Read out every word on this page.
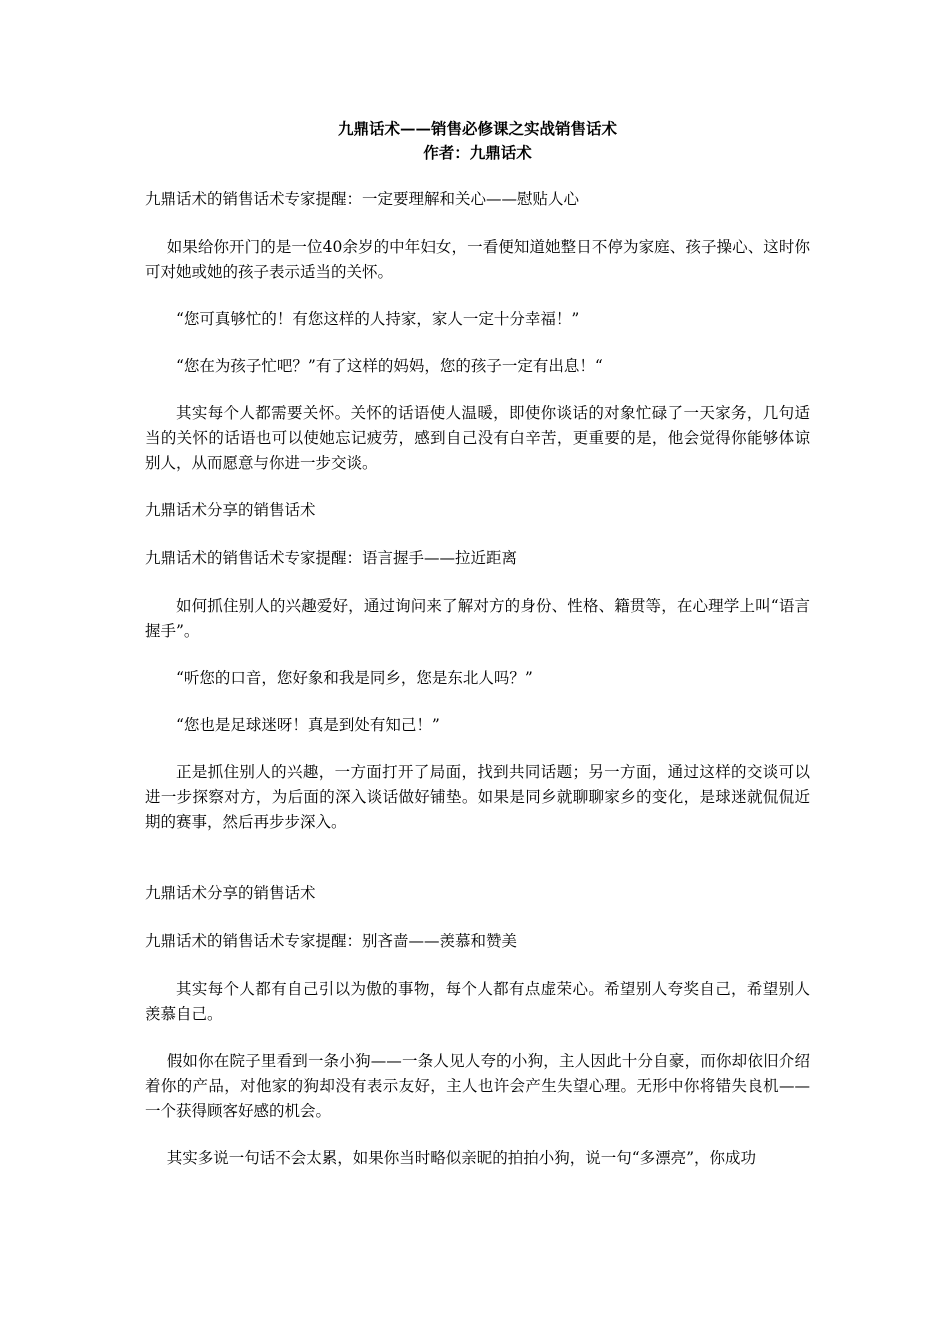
九鼎话术——销售必修课之实战销售话术
作者：九鼎话术

九鼎话术的销售话术专家提醒：一定要理解和关心——慰贴人心

如果给你开门的是一位40余岁的中年妇女，一看便知道她整日不停为家庭、孩子操心、这时你可对她或她的孩子表示适当的关怀。

“您可真够忙的！有您这样的人持家，家人一定十分幸福！”

“您在为孩子忙吧？”有了这样的妈妈，您的孩子一定有出息！“

其实每个人都需要关怀。关怀的话语使人温暖，即使你谈话的对象忙碌了一天家务，几句适当的关怀的话语也可以使她忘记疲劳，感到自己没有白辛苦，更重要的是，他会觉得你能够体谅别人，从而愿意与你进一步交谈。

九鼎话术分享的销售话术

九鼎话术的销售话术专家提醒：语言握手——拉近距离

如何抓住别人的兴趣爱好，通过询问来了解对方的身份、性格、籍贯等，在心理学上叫“语言握手”。

“听您的口音，您好象和我是同乡，您是东北人吗？”

“您也是足球迷呀！真是到处有知己！”

正是抓住别人的兴趣，一方面打开了局面，找到共同话题；另一方面，通过这样的交谈可以进一步探察对方，为后面的深入谈话做好铺垫。如果是同乡就聊聊家乡的变化，是球迷就侃侃近期的赛事，然后再步步深入。

九鼎话术分享的销售话术

九鼎话术的销售话术专家提醒：别吝啬——羡慕和赞美

其实每个人都有自己引以为傲的事物，每个人都有点虚荣心。希望别人夸奖自己，希望别人羡慕自己。

假如你在院子里看到一条小狗——一条人见人夸的小狗，主人因此十分自豪，而你却依旧介绍着你的产品，对他家的狗却没有表示友好，主人也许会产生失望心理。无形中你将错失良机——一个获得顾客好感的机会。

其实多说一句话不会太累，如果你当时略似亲昵的拍拍小狗，说一句“多漂亮”，你成功
